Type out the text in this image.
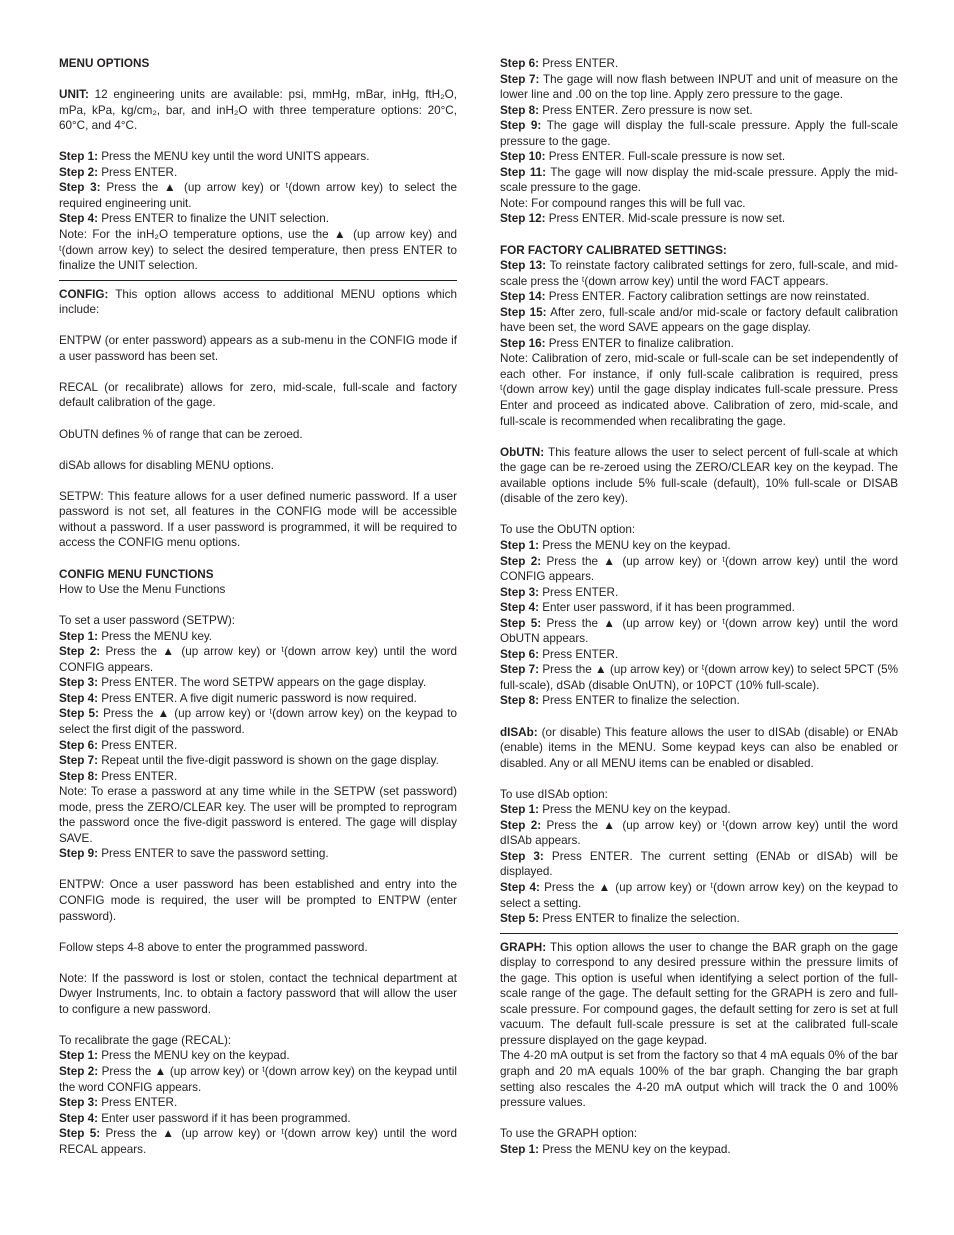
MENU OPTIONS

UNIT: 12 engineering units are available: psi, mmHg, mBar, inHg, ftH₂O, mPa, kPa, kg/cm₂, bar, and inH₂O with three temperature options: 20°C, 60°C, and 4°C.

Step 1: Press the MENU key until the word UNITS appears.

Step 2: Press ENTER.

Step 3: Press the ▲ (up arrow key) or ᵗ(down arrow key) to select the required engineering unit.

Step 4: Press ENTER to finalize the UNIT selection.

Note: For the inH₂O temperature options, use the ▲ (up arrow key) and ᵗ(down arrow key) to select the desired temperature, then press ENTER to finalize the UNIT selection.

CONFIG: This option allows access to additional MENU options which include:

ENTPW (or enter password) appears as a sub-menu in the CONFIG mode if a user password has been set.

RECAL (or recalibrate) allows for zero, mid-scale, full-scale and factory default calibration of the gage.

ObUTN defines % of range that can be zeroed.

diSAb allows for disabling MENU options.

SETPW: This feature allows for a user defined numeric password. If a user password is not set, all features in the CONFIG mode will be accessible without a password. If a user password is programmed, it will be required to access the CONFIG menu options.

CONFIG MENU FUNCTIONS

How to Use the Menu Functions

To set a user password (SETPW):

Step 1: Press the MENU key.

Step 2: Press the ▲ (up arrow key) or ᵗ(down arrow key) until the word CONFIG appears.

Step 3: Press ENTER. The word SETPW appears on the gage display.

Step 4: Press ENTER. A five digit numeric password is now required.

Step 5: Press the ▲ (up arrow key) or ᵗ(down arrow key) on the keypad to select the first digit of the password.

Step 6: Press ENTER.

Step 7: Repeat until the five-digit password is shown on the gage display.

Step 8: Press ENTER.

Note: To erase a password at any time while in the SETPW (set password) mode, press the ZERO/CLEAR key. The user will be prompted to reprogram the password once the five-digit password is entered. The gage will display SAVE.

Step 9: Press ENTER to save the password setting.

ENTPW: Once a user password has been established and entry into the CONFIG mode is required, the user will be prompted to ENTPW (enter password).

Follow steps 4-8 above to enter the programmed password.

Note: If the password is lost or stolen, contact the technical department at Dwyer Instruments, Inc. to obtain a factory password that will allow the user to configure a new password.

To recalibrate the gage (RECAL):

Step 1: Press the MENU key on the keypad.

Step 2: Press the ▲ (up arrow key) or ᵗ(down arrow key) on the keypad until the word CONFIG appears.

Step 3: Press ENTER.

Step 4: Enter user password if it has been programmed.

Step 5: Press the ▲ (up arrow key) or ᵗ(down arrow key) until the word RECAL appears.

Step 6: Press ENTER.

Step 7: The gage will now flash between INPUT and unit of measure on the lower line and .00 on the top line. Apply zero pressure to the gage.

Step 8: Press ENTER. Zero pressure is now set.

Step 9: The gage will display the full-scale pressure. Apply the full-scale pressure to the gage.

Step 10: Press ENTER. Full-scale pressure is now set.

Step 11: The gage will now display the mid-scale pressure. Apply the mid-scale pressure to the gage.

Note: For compound ranges this will be full vac.

Step 12: Press ENTER. Mid-scale pressure is now set.

FOR FACTORY CALIBRATED SETTINGS:

Step 13: To reinstate factory calibrated settings for zero, full-scale, and mid-scale press the ᵗ(down arrow key) until the word FACT appears.

Step 14: Press ENTER. Factory calibration settings are now reinstated.

Step 15: After zero, full-scale and/or mid-scale or factory default calibration have been set, the word SAVE appears on the gage display.

Step 16: Press ENTER to finalize calibration.

Note: Calibration of zero, mid-scale or full-scale can be set independently of each other. For instance, if only full-scale calibration is required, press ᵗ(down arrow key) until the gage display indicates full-scale pressure. Press Enter and proceed as indicated above. Calibration of zero, mid-scale, and full-scale is recommended when recalibrating the gage.

ObUTN: This feature allows the user to select percent of full-scale at which the gage can be re-zeroed using the ZERO/CLEAR key on the keypad. The available options include 5% full-scale (default), 10% full-scale or DISAB (disable of the zero key).

To use the ObUTN option:

Step 1: Press the MENU key on the keypad.

Step 2: Press the ▲ (up arrow key) or ᵗ(down arrow key) until the word CONFIG appears.

Step 3: Press ENTER.

Step 4: Enter user password, if it has been programmed.

Step 5: Press the ▲ (up arrow key) or ᵗ(down arrow key) until the word ObUTN appears.

Step 6: Press ENTER.

Step 7: Press the ▲ (up arrow key) or ᵗ(down arrow key) to select 5PCT (5% full-scale), dSAb (disable OnUTN), or 10PCT (10% full-scale).

Step 8: Press ENTER to finalize the selection.

dISAb: (or disable) This feature allows the user to dISAb (disable) or ENAb (enable) items in the MENU. Some keypad keys can also be enabled or disabled. Any or all MENU items can be enabled or disabled.

To use dISAb option:

Step 1: Press the MENU key on the keypad.

Step 2: Press the ▲ (up arrow key) or ᵗ(down arrow key) until the word dISAb appears.

Step 3: Press ENTER. The current setting (ENAb or dISAb) will be displayed.

Step 4: Press the ▲ (up arrow key) or ᵗ(down arrow key) on the keypad to select a setting.

Step 5: Press ENTER to finalize the selection.

GRAPH: This option allows the user to change the BAR graph on the gage display to correspond to any desired pressure within the pressure limits of the gage. This option is useful when identifying a select portion of the full-scale range of the gage. The default setting for the GRAPH is zero and full-scale pressure. For compound gages, the default setting for zero is set at full vacuum. The default full-scale pressure is set at the calibrated full-scale pressure displayed on the gage keypad.

The 4-20 mA output is set from the factory so that 4 mA equals 0% of the bar graph and 20 mA equals 100% of the bar graph. Changing the bar graph setting also rescales the 4-20 mA output which will track the 0 and 100% pressure values.

To use the GRAPH option:

Step 1: Press the MENU key on the keypad.
